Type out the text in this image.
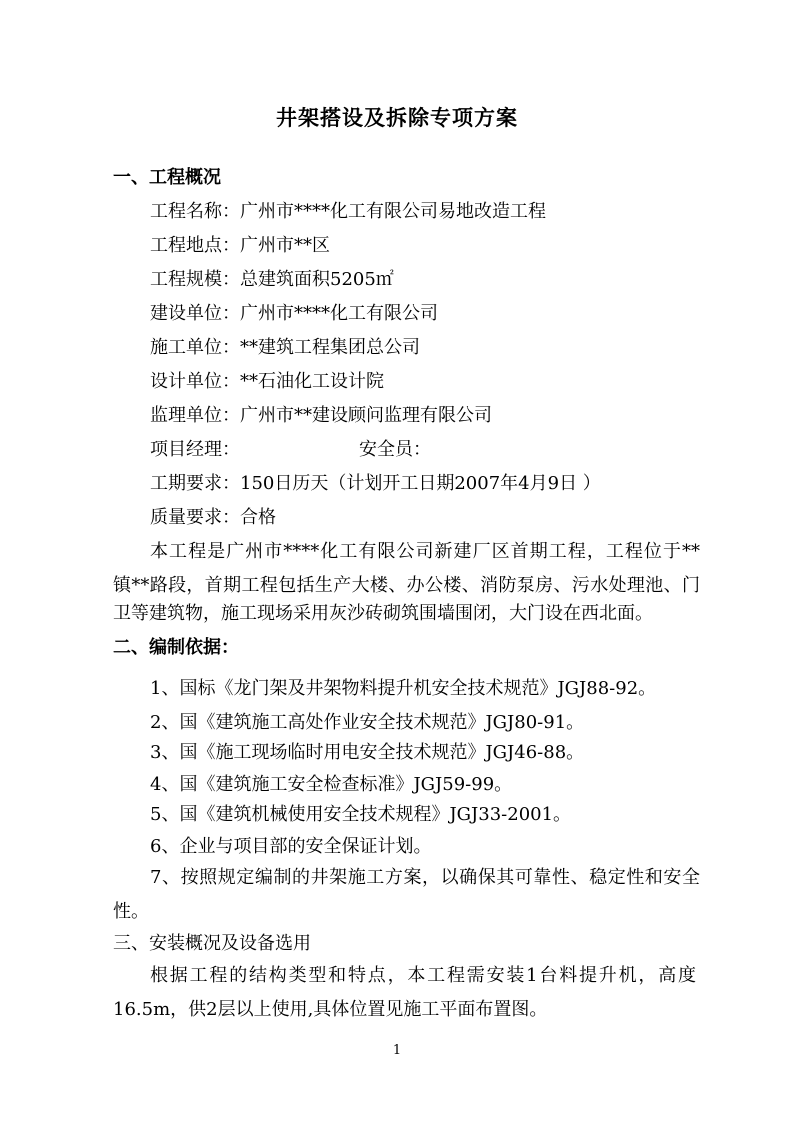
井架搭设及拆除专项方案
一、工程概况
工程名称：广州市****化工有限公司易地改造工程
工程地点：广州市**区
工程规模：总建筑面积5205㎡
建设单位：广州市****化工有限公司
施工单位：**建筑工程集团总公司
设计单位：**石油化工设计院
监理单位：广州市**建设顾问监理有限公司
项目经理：	安全员：
工期要求：150日历天（计划开工日期2007年4月9日 ）
质量要求：合格
本工程是广州市****化工有限公司新建厂区首期工程，工程位于**
镇**路段，首期工程包括生产大楼、办公楼、消防泵房、污水处理池、门
卫等建筑物，施工现场采用灰沙砖砌筑围墙围闭，大门设在西北面。
二、编制依据：
1、国标《龙门架及井架物料提升机安全技术规范》JGJ88-92。
2、国《建筑施工高处作业安全技术规范》JGJ80-91。
3、国《施工现场临时用电安全技术规范》JGJ46-88。
4、国《建筑施工安全检查标准》JGJ59-99。
5、国《建筑机械使用安全技术规程》JGJ33-2001。
6、企业与项目部的安全保证计划。
7、按照规定编制的井架施工方案，以确保其可靠性、稳定性和安全
性。
三、安装概况及设备选用
根据工程的结构类型和特点，本工程需安装1台料提升机，高度
16.5m，供2层以上使用,具体位置见施工平面布置图。
1
